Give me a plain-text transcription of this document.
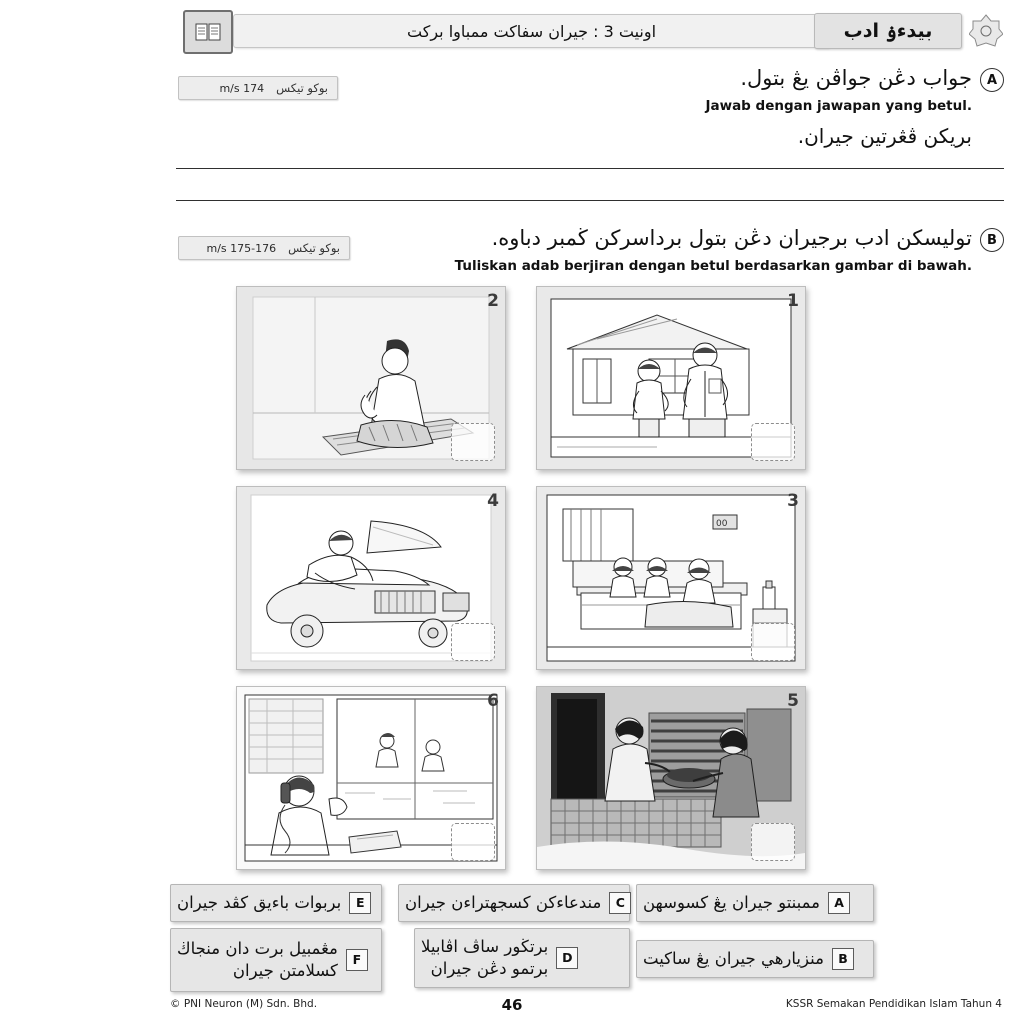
اونيت 3 : جيران سفاكت ممباوا بركت	بيدءۏ ادب
A
جواب دڠن جواڤن يڠ بتول.
Jawab dengan jawapan yang betul.
بريكن ڤڠرتين جيران.
بوكو تيكس
m/s 174
B
توليسكن ادب برجيران دڠن بتول برداسركن ڬمبر دباوه.
Tuliskan adab berjiran dengan betul berdasarkan gambar di bawah.
بوكو تيكس
m/s 175-176
1
2
3
00
4
5
6
A
ممبنتو جيران يڠ كسوسهن
B
منزيارهي جيران يڠ ساكيت
C
مندعاءكن كسجهتراءن جيران
D
برتڬور ساڤ اڤابيلا
برتمو دڠن جيران
E
بربوات باءيق كڤد جيران
F
مڠمبيل برت دان منجاڬ
كسلامتن جيران
© PNI Neuron (M) Sdn. Bhd.	46	KSSR Semakan Pendidikan Islam Tahun 4
